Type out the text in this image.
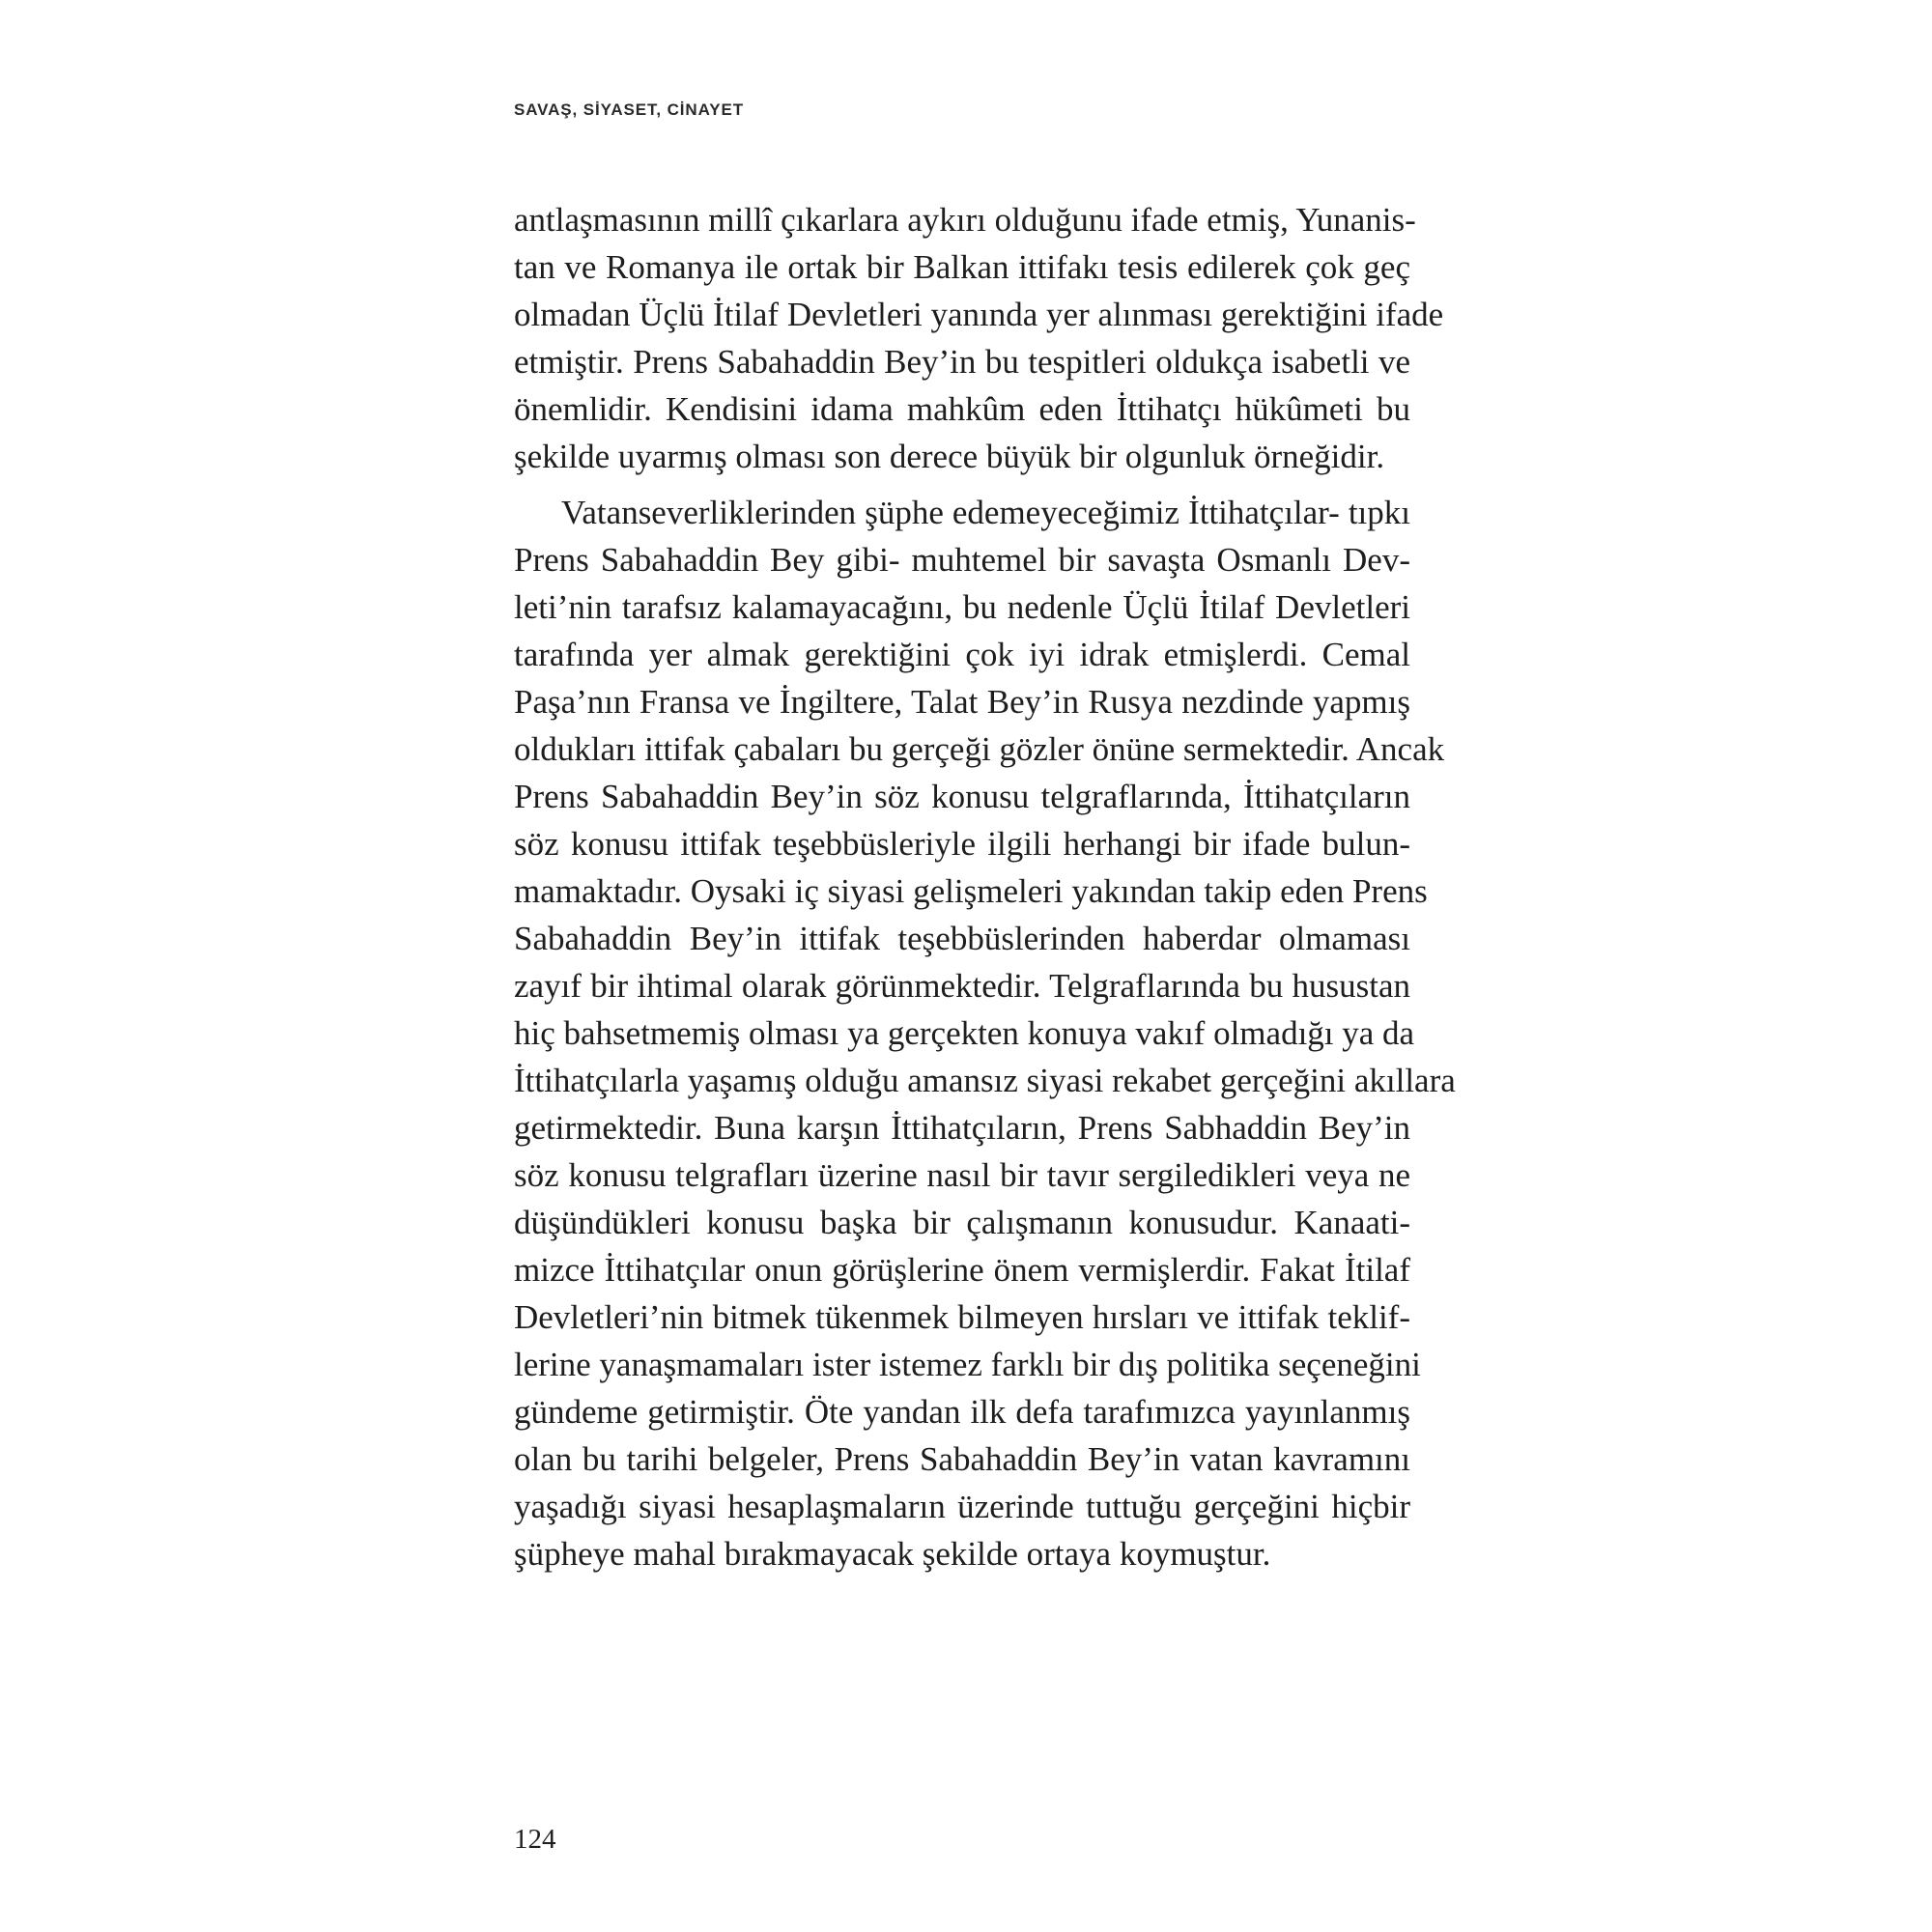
SAVAŞ, SİYASET, CİNAYET

antlaşmasının millî çıkarlara aykırı olduğunu ifade etmiş, Yunanis-
tan ve Romanya ile ortak bir Balkan ittifakı tesis edilerek çok geç
olmadan Üçlü İtilaf Devletleri yanında yer alınması gerektiğini ifade
etmiştir. Prens Sabahaddin Bey’in bu tespitleri oldukça isabetli ve
önemlidir. Kendisini idama mahkûm eden İttihatçı hükûmeti bu
şekilde uyarmış olması son derece büyük bir olgunluk örneğidir.

Vatanseverliklerinden şüphe edemeyeceğimiz İttihatçılar- tıpkı
Prens Sabahaddin Bey gibi- muhtemel bir savaşta Osmanlı Dev-
leti’nin tarafsız kalamayacağını, bu nedenle Üçlü İtilaf Devletleri
tarafında yer almak gerektiğini çok iyi idrak etmişlerdi. Cemal
Paşa’nın Fransa ve İngiltere, Talat Bey’in Rusya nezdinde yapmış
oldukları ittifak çabaları bu gerçeği gözler önüne sermektedir. Ancak
Prens Sabahaddin Bey’in söz konusu telgraflarında, İttihatçıların
söz konusu ittifak teşebbüsleriyle ilgili herhangi bir ifade bulun-
mamaktadır. Oysaki iç siyasi gelişmeleri yakından takip eden Prens
Sabahaddin Bey’in ittifak teşebbüslerinden haberdar olmaması
zayıf bir ihtimal olarak görünmektedir. Telgraflarında bu husustan
hiç bahsetmemiş olması ya gerçekten konuya vakıf olmadığı ya da
İttihatçılarla yaşamış olduğu amansız siyasi rekabet gerçeğini akıllara
getirmektedir. Buna karşın İttihatçıların, Prens Sabhaddin Bey’in
söz konusu telgrafları üzerine nasıl bir tavır sergiledikleri veya ne
düşündükleri konusu başka bir çalışmanın konusudur. Kanaati-
mizce İttihatçılar onun görüşlerine önem vermişlerdir. Fakat İtilaf
Devletleri’nin bitmek tükenmek bilmeyen hırsları ve ittifak teklif-
lerine yanaşmamaları ister istemez farklı bir dış politika seçeneğini
gündeme getirmiştir. Öte yandan ilk defa tarafımızca yayınlanmış
olan bu tarihi belgeler, Prens Sabahaddin Bey’in vatan kavramını
yaşadığı siyasi hesaplaşmaların üzerinde tuttuğu gerçeğini hiçbir
şüpheye mahal bırakmayacak şekilde ortaya koymuştur.

124
